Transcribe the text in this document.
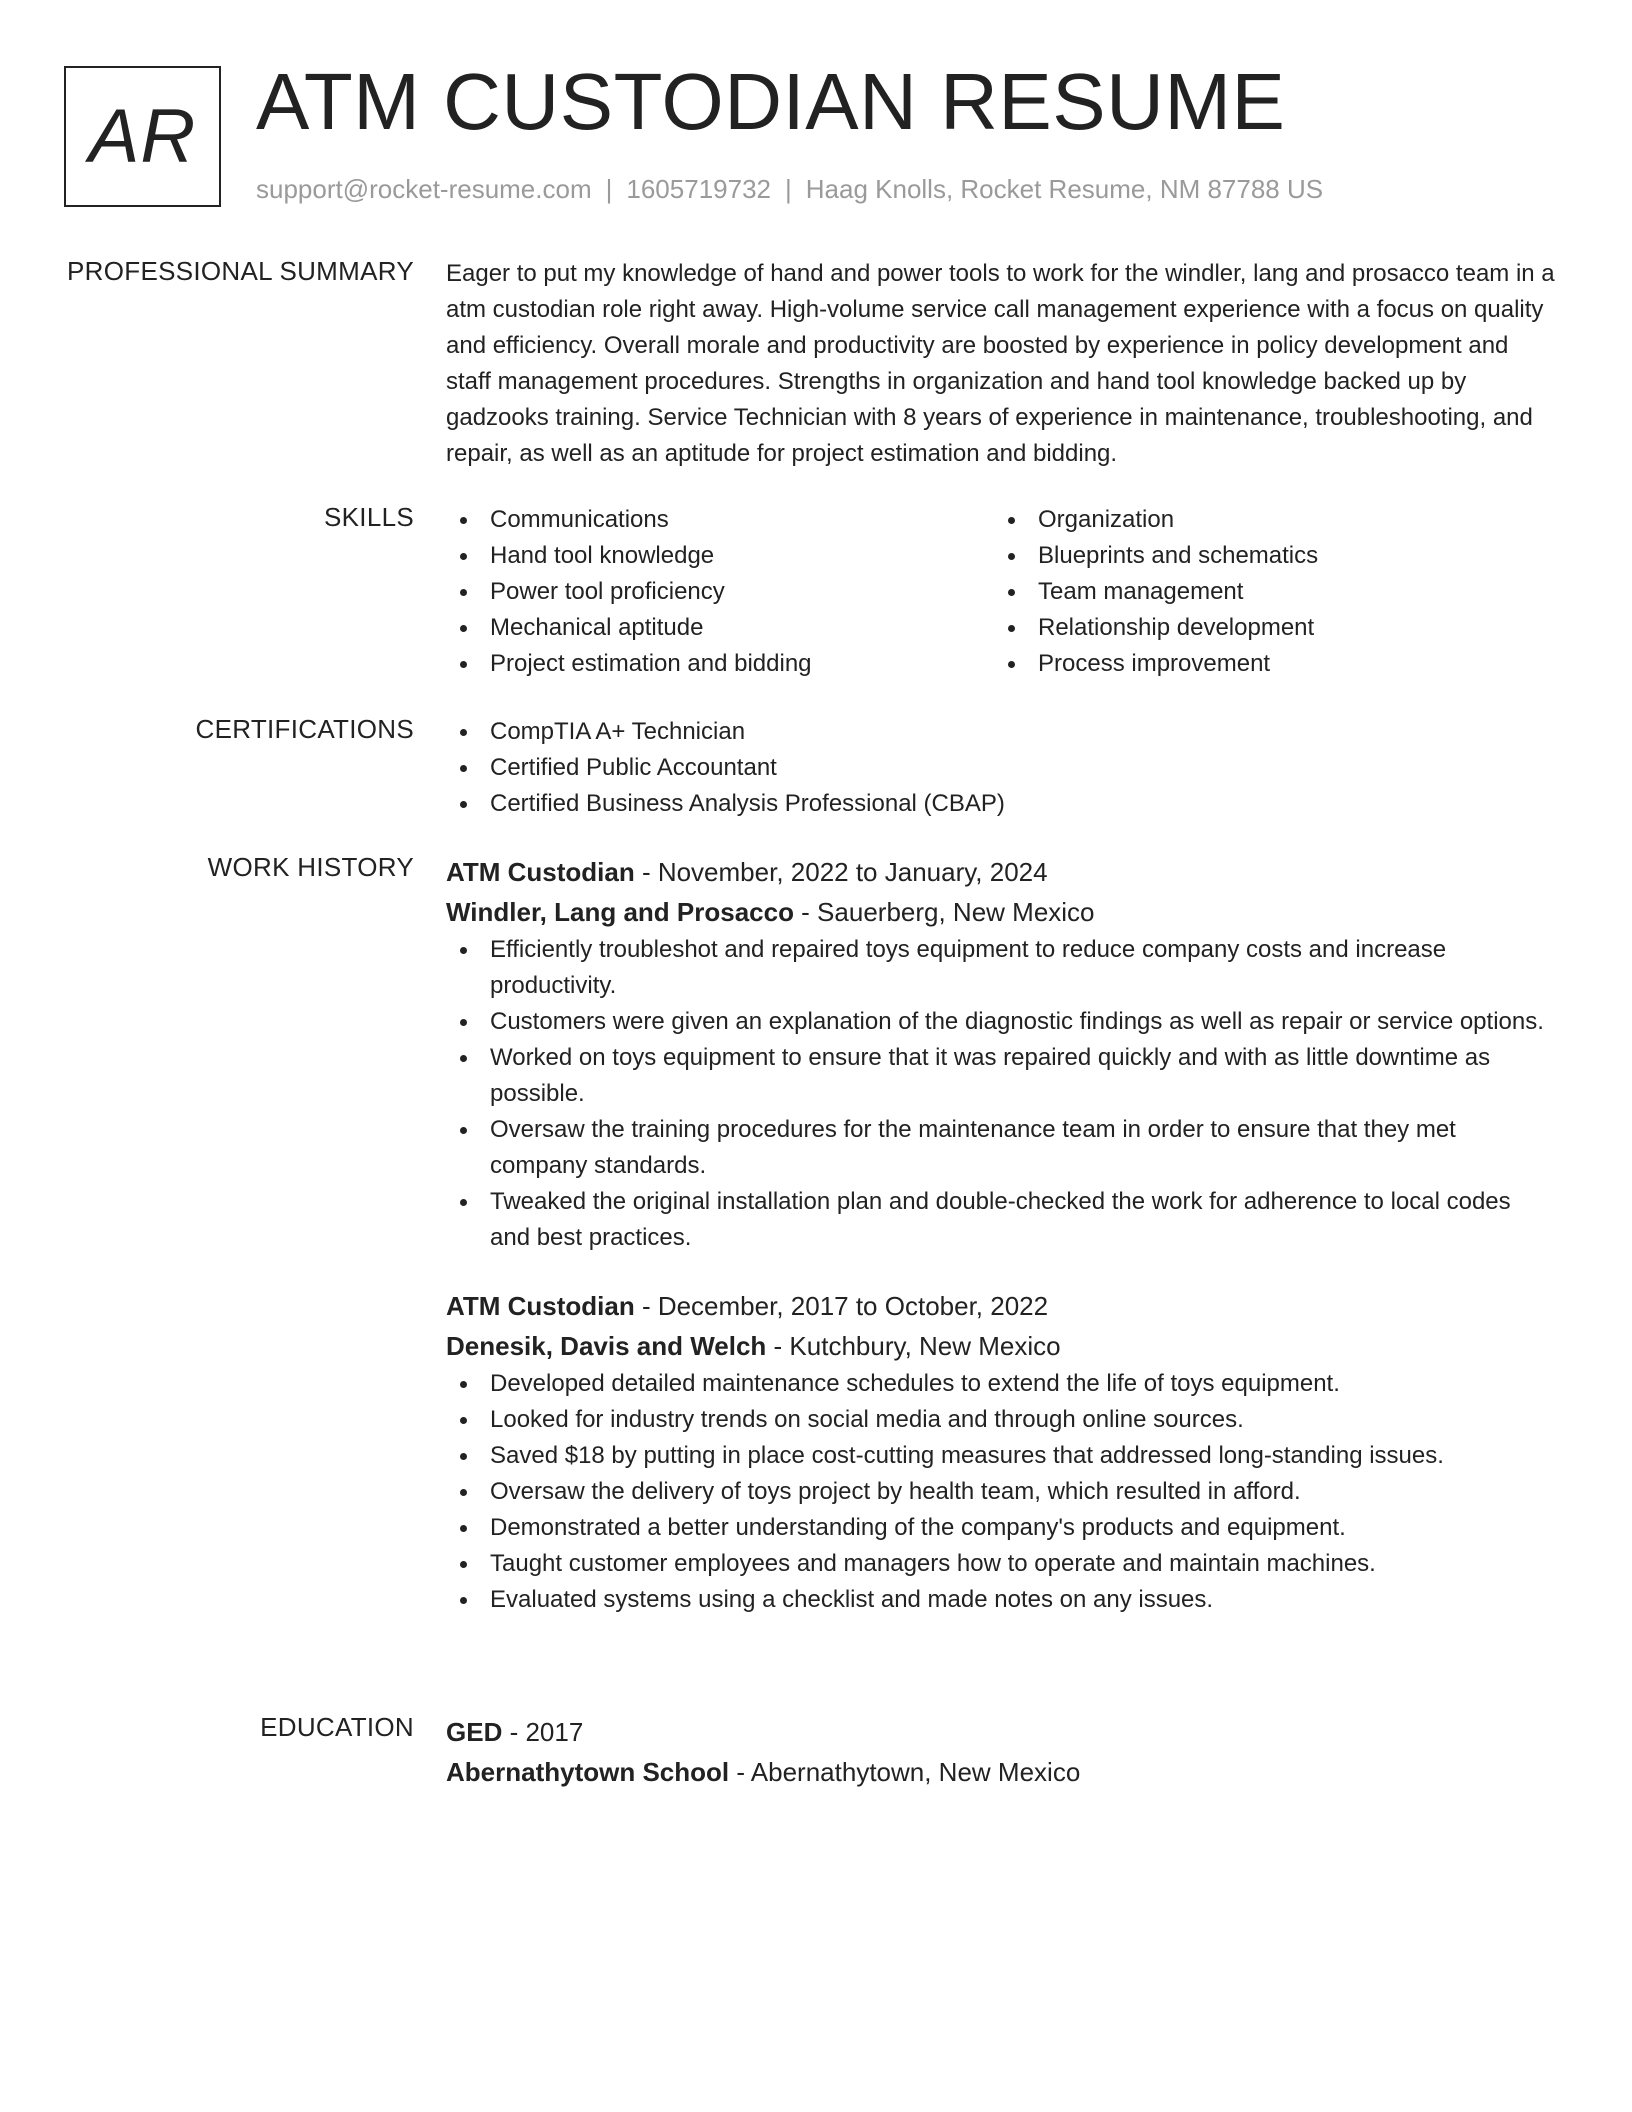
AR ATM CUSTODIAN RESUME
support@rocket-resume.com | 1605719732 | Haag Knolls, Rocket Resume, NM 87788 US
PROFESSIONAL SUMMARY Eager to put my knowledge of hand and power tools to work for the windler, lang and prosacco team in a atm custodian role right away. High-volume service call management experience with a focus on quality and efficiency. Overall morale and productivity are boosted by experience in policy development and staff management procedures. Strengths in organization and hand tool knowledge backed up by gadzooks training. Service Technician with 8 years of experience in maintenance, troubleshooting, and repair, as well as an aptitude for project estimation and bidding.

SKILLS	Communications
Hand tool knowledge
Power tool proficiency
Mechanical aptitude
Project estimation and bidding
Organization
Blueprints and schematics
Team management
Relationship development
Process improvement
CERTIFICATIONS	CompTIA A+ Technician
Certified Public Accountant
Certified Business Analysis Professional (CBAP)
WORK HISTORY ATM Custodian - November, 2022 to January, 2024
Windler, Lang and Prosacco - Sauerberg, New Mexico
Efficiently troubleshot and repaired toys equipment to reduce company costs and increase productivity.
Customers were given an explanation of the diagnostic findings as well as repair or service options.
Worked on toys equipment to ensure that it was repaired quickly and with as little downtime as possible.
Oversaw the training procedures for the maintenance team in order to ensure that they met company standards.
Tweaked the original installation plan and double-checked the work for adherence to local codes and best practices.
ATM Custodian - December, 2017 to October, 2022
Denesik, Davis and Welch - Kutchbury, New Mexico
Developed detailed maintenance schedules to extend the life of toys equipment.
Looked for industry trends on social media and through online sources.
Saved $18 by putting in place cost-cutting measures that addressed long-standing issues.
Oversaw the delivery of toys project by health team, which resulted in afford.
Demonstrated a better understanding of the company's products and equipment.
Taught customer employees and managers how to operate and maintain machines.
Evaluated systems using a checklist and made notes on any issues.
EDUCATION GED - 2017
Abernathytown School - Abernathytown, New Mexico
